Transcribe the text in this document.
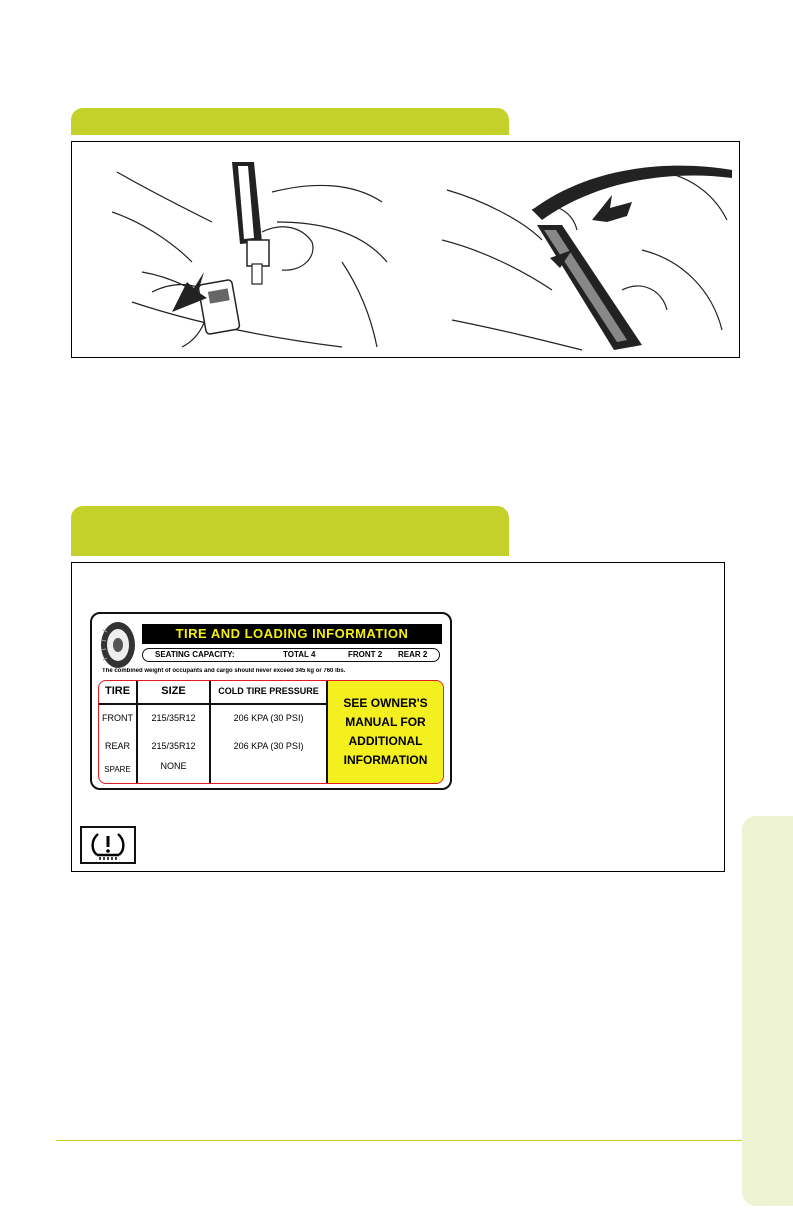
TIRE AND LOADING INFORMATION
SEATING CAPACITY:	TOTAL 4	FRONT 2 REAR 2
The combined weight of occupants and cargo should never exceed 345 kg or 760 lbs.
TIRE	SIZE	COLD TIRE PRESSURE
FRONT	215/35R12	206 KPA (30 PSI)
REAR	215/35R12	206 KPA (30 PSI)
SPARE	NONE
SEE OWNER'S MANUAL FOR ADDITIONAL INFORMATION
